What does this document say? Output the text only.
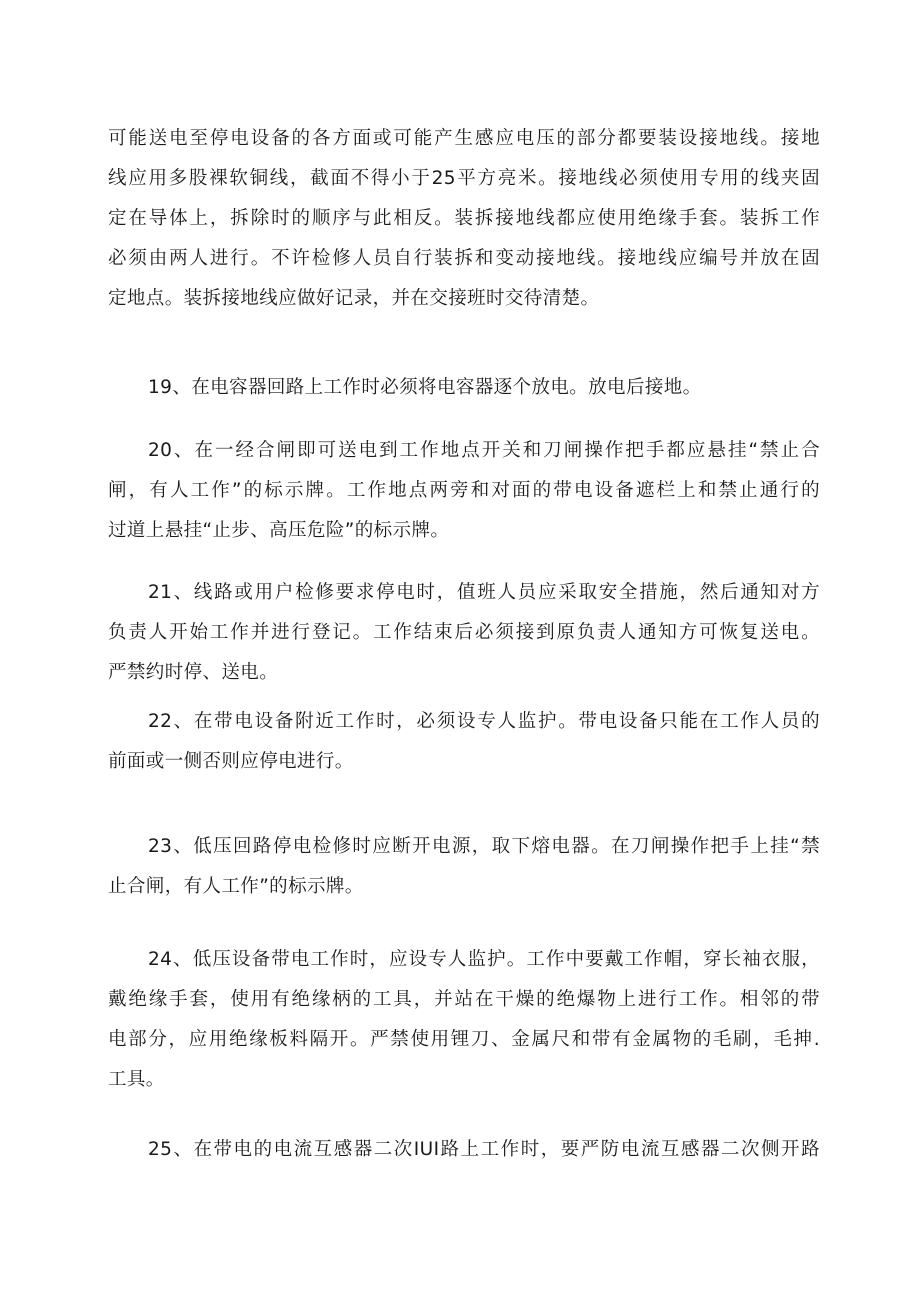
可能送电至停电设备的各方面或可能产生感应电压的部分都要装设接地线。接地
线应用多股裸软铜线，截面不得小于25平方亮米。接地线必须使用专用的线夹固
定在导体上，拆除时的顺序与此相反。装拆接地线都应使用绝缘手套。装拆工作
必须由两人进行。不许检修人员自行装拆和变动接地线。接地线应编号并放在固
定地点。装拆接地线应做好记录，并在交接班时交待清楚。
19、在电容器回路上工作时必须将电容器逐个放电。放电后接地。
20、在一经合闸即可送电到工作地点开关和刀闸操作把手都应悬挂“禁止合
闸，有人工作”的标示牌。工作地点两旁和对面的带电设备遮栏上和禁止通行的
过道上悬挂“止步、高压危险”的标示牌。
21、线路或用户检修要求停电时，值班人员应采取安全措施，然后通知对方
负责人开始工作并进行登记。工作结束后必须接到原负责人通知方可恢复送电。
严禁约时停、送电。
22、在带电设备附近工作时，必须设专人监护。带电设备只能在工作人员的
前面或一侧否则应停电进行。
23、低压回路停电检修时应断开电源，取下熔电器。在刀闸操作把手上挂“禁
止合闸，有人工作”的标示牌。
24、低压设备带电工作时，应设专人监护。工作中要戴工作帽，穿长袖衣服，
戴绝缘手套，使用有绝缘柄的工具，并站在干燥的绝爆物上进行工作。相邻的带
电部分，应用绝缘板料隔开。严禁使用锂刀、金属尺和带有金属物的毛刷，毛抻.
工具。
25、在带电的电流互感器二次IUI路上工作时，要严防电流互感器二次侧开路
